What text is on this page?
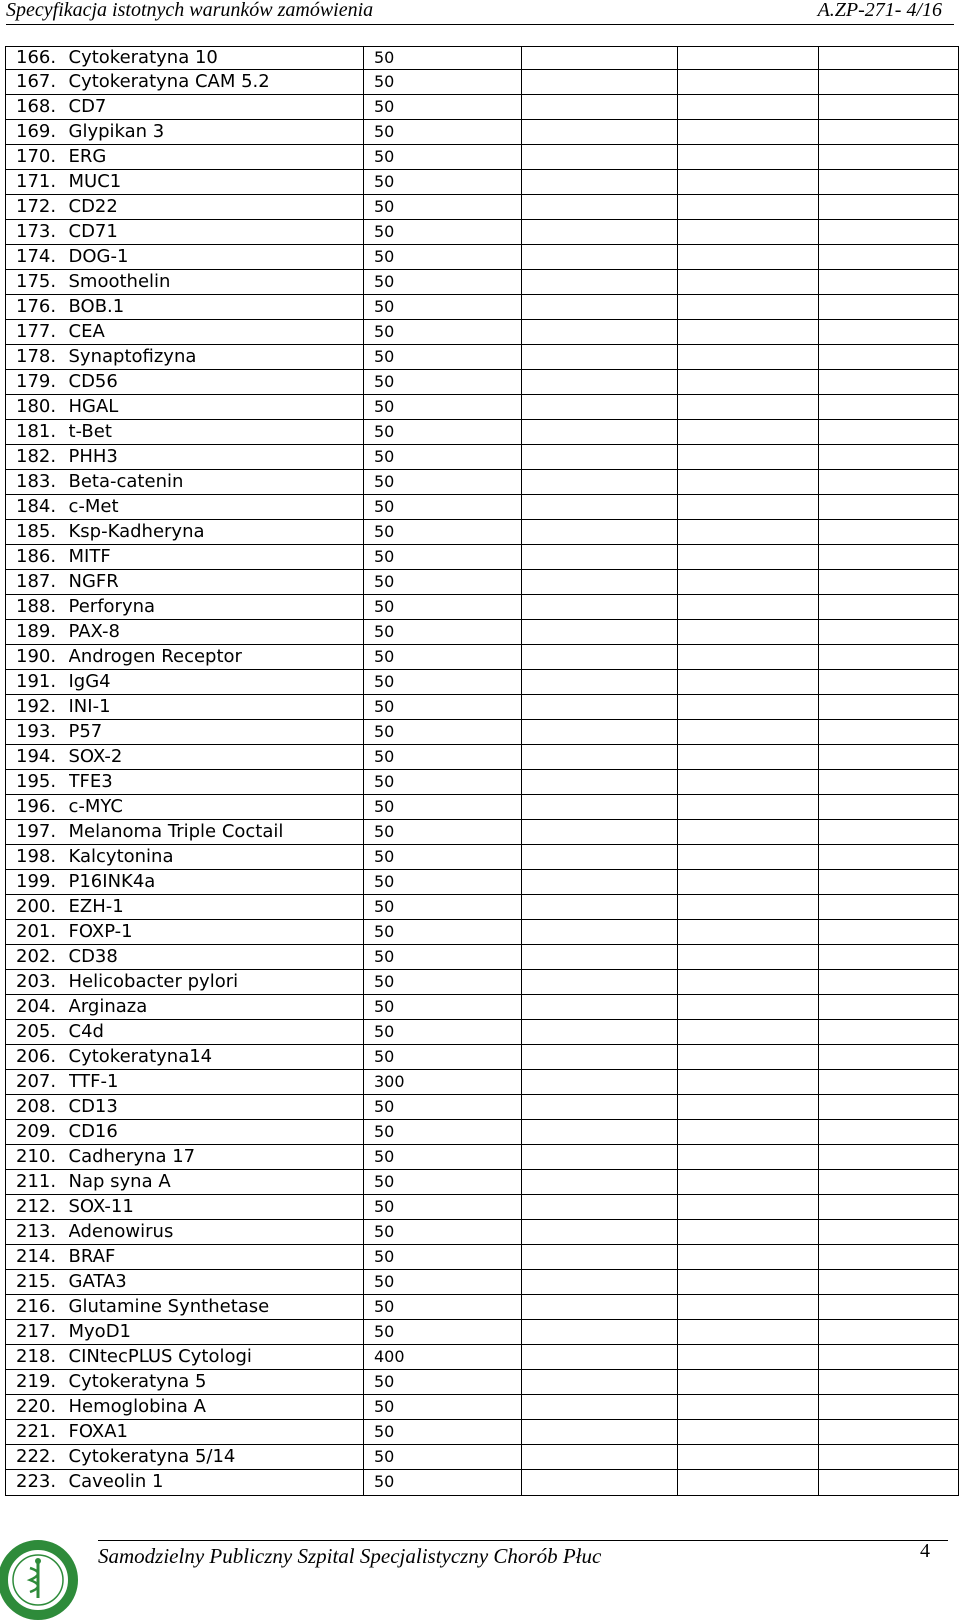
Specyfikacja istotnych warunków zamówienia	A.ZP-271- 4/16
166.	Cytokeratyna 10	50			
167.	Cytokeratyna CAM 5.2	50			
168.	CD7	50			
169.	Glypikan 3	50			
170.	ERG	50			
171.	MUC1	50			
172.	CD22	50			
173.	CD71	50			
174.	DOG-1	50			
175.	Smoothelin	50			
176.	BOB.1	50			
177.	CEA	50			
178.	Synaptofizyna	50			
179.	CD56	50			
180.	HGAL	50			
181.	t-Bet	50			
182.	PHH3	50			
183.	Beta-catenin	50			
184.	c-Met	50			
185.	Ksp-Kadheryna	50			
186.	MITF	50			
187.	NGFR	50			
188.	Perforyna	50			
189.	PAX-8	50			
190.	Androgen Receptor	50			
191.	IgG4	50			
192.	INI-1	50			
193.	P57	50			
194.	SOX-2	50			
195.	TFE3	50			
196.	c-MYC	50			
197.	Melanoma Triple Coctail	50			
198.	Kalcytonina	50			
199.	P16INK4a	50			
200.	EZH-1	50			
201.	FOXP-1	50			
202.	CD38	50			
203.	Helicobacter pylori	50			
204.	Arginaza	50			
205.	C4d	50			
206.	Cytokeratyna14	50			
207.	TTF-1	300			
208.	CD13	50			
209.	CD16	50			
210.	Cadheryna 17	50			
211.	Nap syna A	50			
212.	SOX-11	50			
213.	Adenowirus	50			
214.	BRAF	50			
215.	GATA3	50			
216.	Glutamine Synthetase	50			
217.	MyoD1	50			
218.	CINtecPLUS Cytologi	400			
219.	Cytokeratyna 5	50			
220.	Hemoglobina A	50			
221.	FOXA1	50			
222.	Cytokeratyna 5/14	50			
223.	Caveolin 1	50			
Samodzielny Publiczny Szpital Specjalistyczny Chorób Płuc	4
